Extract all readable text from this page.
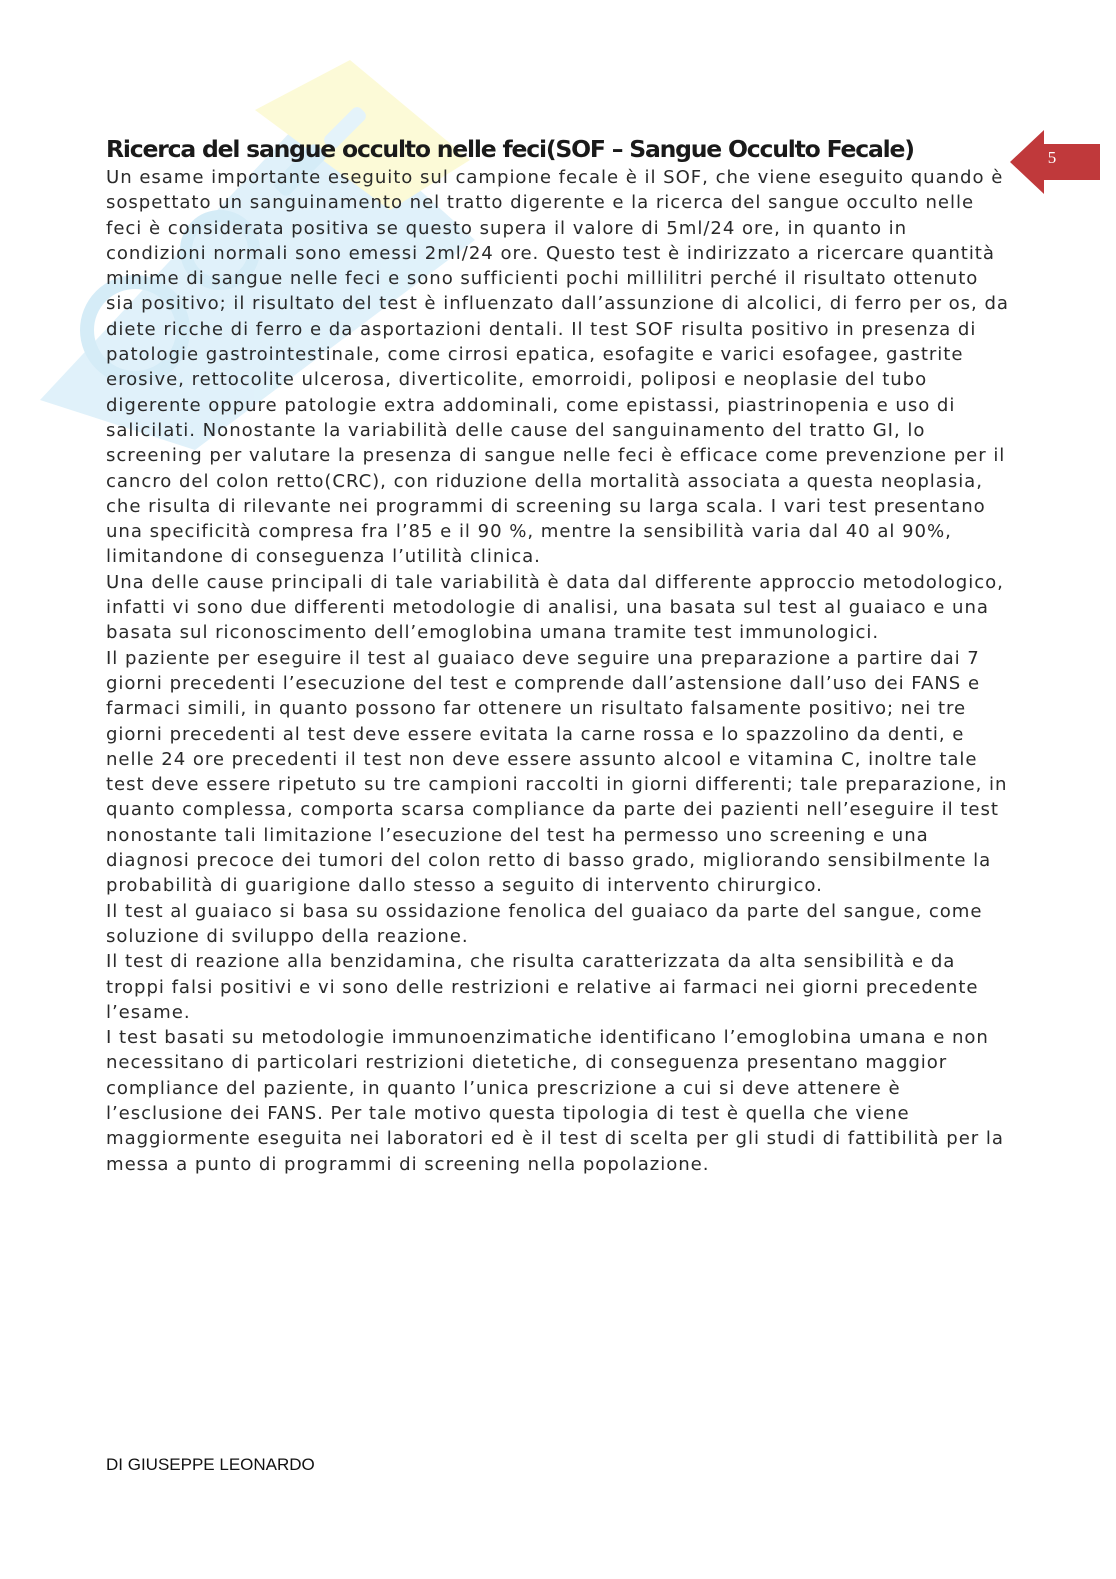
5
Ricerca del sangue occulto nelle feci(SOF – Sangue Occulto Fecale)

Un esame importante eseguito sul campione fecale è il SOF, che viene eseguito quando è sospettato un sanguinamento nel tratto digerente e la ricerca del sangue occulto nelle feci è considerata positiva se questo supera il valore di 5ml/24 ore, in quanto in condizioni normali sono emessi 2ml/24 ore. Questo test è indirizzato a ricercare quantità minime di sangue nelle feci e sono sufficienti pochi millilitri perché il risultato ottenuto sia positivo; il risultato del test è influenzato dall’assunzione di alcolici, di ferro per os, da diete ricche di ferro e da asportazioni dentali. Il test SOF risulta positivo in presenza di patologie gastrointestinale, come cirrosi epatica, esofagite e varici esofagee, gastrite erosive, rettocolite ulcerosa, diverticolite, emorroidi, poliposi e neoplasie del tubo digerente oppure patologie extra addominali, come epistassi, piastrinopenia e uso di salicilati. Nonostante la variabilità delle cause del sanguinamento del tratto GI, lo screening per valutare la presenza di sangue nelle feci è efficace come prevenzione per il cancro del colon retto(CRC), con riduzione della mortalità associata a questa neoplasia, che risulta di rilevante nei programmi di screening su larga scala. I vari test presentano una specificità compresa fra l’85 e il 90 %, mentre la sensibilità varia dal 40 al 90%, limitandone di conseguenza l’utilità clinica.

Una delle cause principali di tale variabilità è data dal differente approccio metodologico, infatti vi sono due differenti metodologie di analisi, una basata sul test al guaiaco e una basata sul riconoscimento dell’emoglobina umana tramite test immunologici.

Il paziente per eseguire il test al guaiaco deve seguire una preparazione a partire dai 7 giorni precedenti l’esecuzione del test e comprende dall’astensione dall’uso dei FANS e farmaci simili, in quanto possono far ottenere un risultato falsamente positivo; nei tre giorni precedenti al test deve essere evitata la carne rossa e lo spazzolino da denti, e nelle 24 ore precedenti il test non deve essere assunto alcool e vitamina C, inoltre tale test deve essere ripetuto su tre campioni raccolti in giorni differenti; tale preparazione, in quanto complessa, comporta scarsa compliance da parte dei pazienti nell’eseguire il test nonostante tali limitazione l’esecuzione del test ha permesso uno screening e una diagnosi precoce dei tumori del colon retto di basso grado, migliorando sensibilmente la probabilità di guarigione dallo stesso a seguito di intervento chirurgico.

Il test al guaiaco si basa su ossidazione fenolica del guaiaco da parte del sangue, come soluzione di sviluppo della reazione.

Il test di reazione alla benzidamina, che risulta caratterizzata da alta sensibilità e da troppi falsi positivi e vi sono delle restrizioni e relative ai farmaci nei giorni precedente l’esame.

I test basati su metodologie immunoenzimatiche identificano l’emoglobina umana e non necessitano di particolari restrizioni dietetiche, di conseguenza presentano maggior compliance del paziente, in quanto l’unica prescrizione a cui si deve attenere è l’esclusione dei FANS. Per tale motivo questa tipologia di test è quella che viene maggiormente eseguita nei laboratori ed è il test di scelta per gli studi di fattibilità per la messa a punto di programmi di screening nella popolazione.

DI GIUSEPPE LEONARDO
